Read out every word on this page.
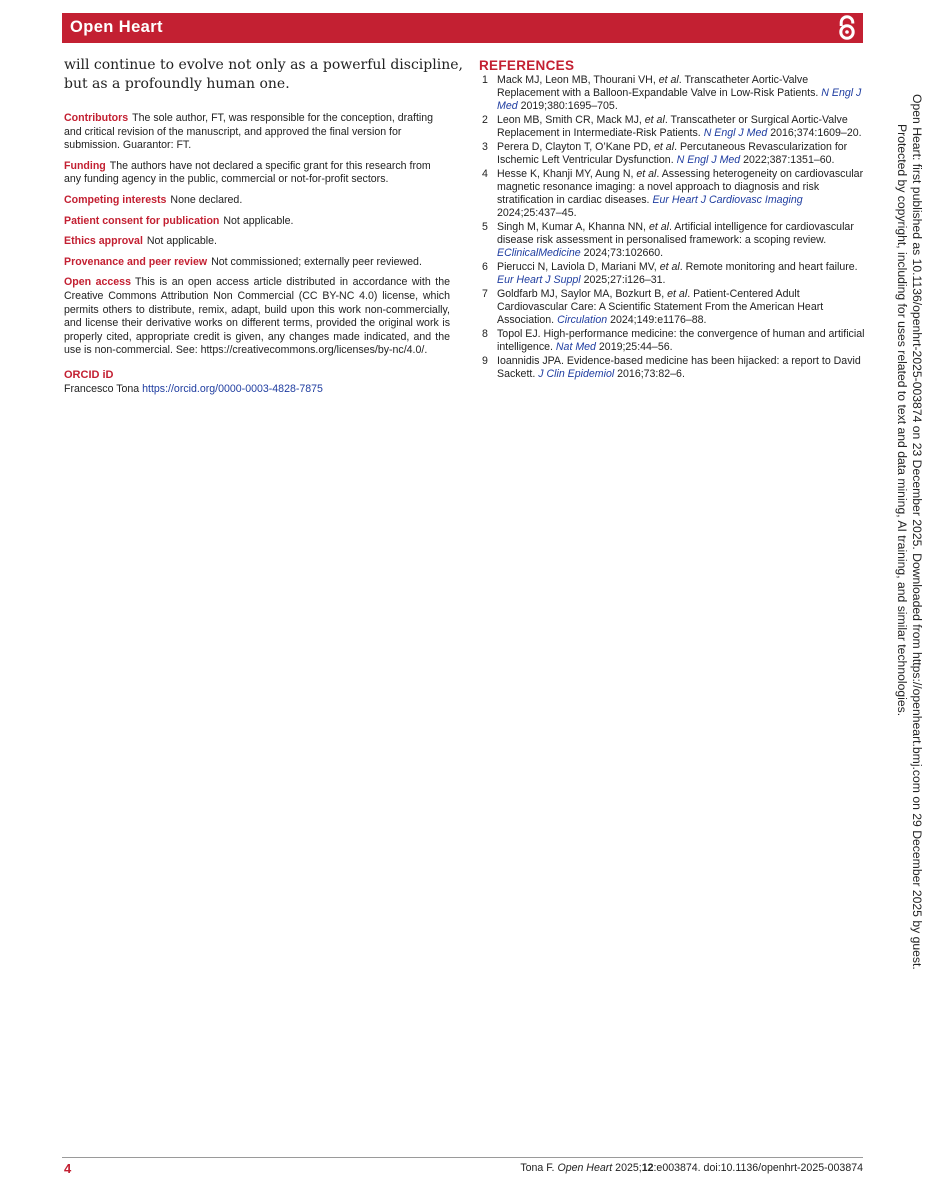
Open Heart
will continue to evolve not only as a powerful discipline,
but as a profoundly human one.

Contributors The sole author, FT, was responsible for the conception, drafting and critical revision of the manuscript, and approved the final version for submission. Guarantor: FT.

Funding The authors have not declared a specific grant for this research from any funding agency in the public, commercial or not-for-profit sectors.

Competing interests None declared.

Patient consent for publication Not applicable.

Ethics approval Not applicable.

Provenance and peer review Not commissioned; externally peer reviewed.

Open access This is an open access article distributed in accordance with the Creative Commons Attribution Non Commercial (CC BY-NC 4.0) license, which permits others to distribute, remix, adapt, build upon this work non-commercially, and license their derivative works on different terms, provided the original work is properly cited, appropriate credit is given, any changes made indicated, and the use is non-commercial. See: https://creativecommons.org/licenses/by-nc/4.0/.

ORCID iD
Francesco Tona https://orcid.org/0000-0003-4828-7875
REFERENCES
1 Mack MJ, Leon MB, Thourani VH, et al. Transcatheter Aortic-Valve Replacement with a Balloon-Expandable Valve in Low-Risk Patients. N Engl J Med 2019;380:1695–705.
2 Leon MB, Smith CR, Mack MJ, et al. Transcatheter or Surgical Aortic-Valve Replacement in Intermediate-Risk Patients. N Engl J Med 2016;374:1609–20.
3 Perera D, Clayton T, O’Kane PD, et al. Percutaneous Revascularization for Ischemic Left Ventricular Dysfunction. N Engl J Med 2022;387:1351–60.
4 Hesse K, Khanji MY, Aung N, et al. Assessing heterogeneity on cardiovascular magnetic resonance imaging: a novel approach to diagnosis and risk stratification in cardiac diseases. Eur Heart J Cardiovasc Imaging 2024;25:437–45.
5 Singh M, Kumar A, Khanna NN, et al. Artificial intelligence for cardiovascular disease risk assessment in personalised framework: a scoping review. EClinicalMedicine 2024;73:102660.
6 Pierucci N, Laviola D, Mariani MV, et al. Remote monitoring and heart failure. Eur Heart J Suppl 2025;27:i126–31.
7 Goldfarb MJ, Saylor MA, Bozkurt B, et al. Patient-Centered Adult Cardiovascular Care: A Scientific Statement From the American Heart Association. Circulation 2024;149:e1176–88.
8 Topol EJ. High-performance medicine: the convergence of human and artificial intelligence. Nat Med 2019;25:44–56.
9 Ioannidis JPA. Evidence-based medicine has been hijacked: a report to David Sackett. J Clin Epidemiol 2016;73:82–6.	Open Heart: first published as 10.1136/openhrt-2025-003874 on 23 December 2025. Downloaded from https://openheart.bmj.com on 29 December 2025 by guest.
Protected by copyright, including for uses related to text and data mining, AI training, and similar technologies.
4	Tona F. Open Heart 2025;12:e003874. doi:10.1136/openhrt-2025-003874
